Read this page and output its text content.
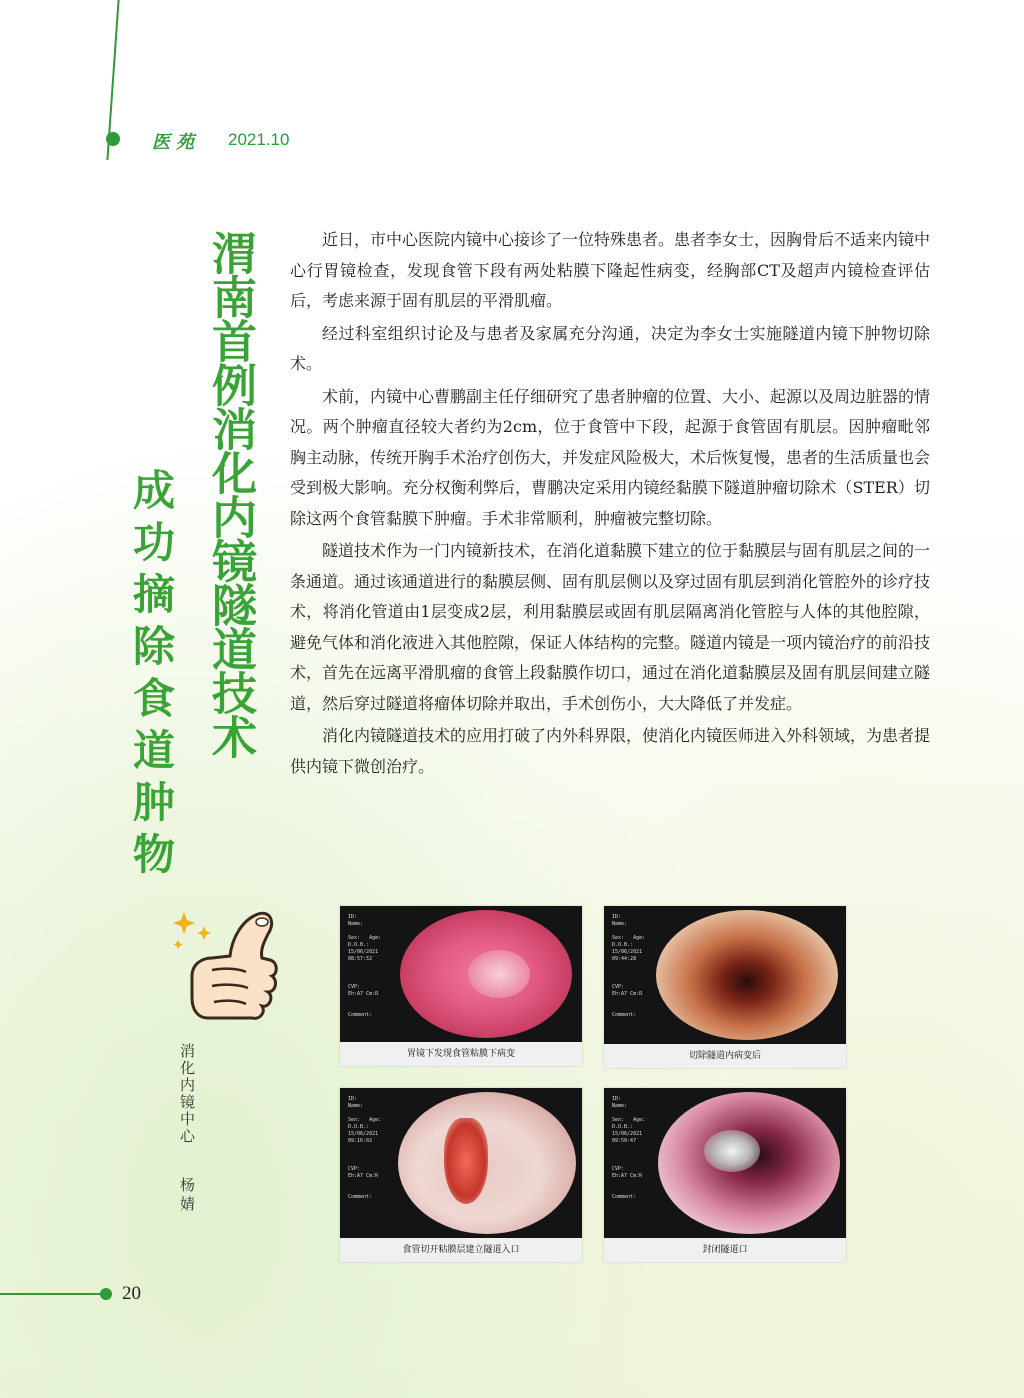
医苑 2021.10
渭南首例消化内镜隧道技术
成功摘除食道肿物

近日，市中心医院内镜中心接诊了一位特殊患者。患者李女士，因胸骨后不适来内镜中心行胃镜检查，发现食管下段有两处粘膜下隆起性病变，经胸部CT及超声内镜检查评估后，考虑来源于固有肌层的平滑肌瘤。

经过科室组织讨论及与患者及家属充分沟通，决定为李女士实施隧道内镜下肿物切除术。

术前，内镜中心曹鹏副主任仔细研究了患者肿瘤的位置、大小、起源以及周边脏器的情况。两个肿瘤直径较大者约为2cm，位于食管中下段，起源于食管固有肌层。因肿瘤毗邻胸主动脉，传统开胸手术治疗创伤大，并发症风险极大，术后恢复慢，患者的生活质量也会受到极大影响。充分权衡利弊后，曹鹏决定采用内镜经黏膜下隧道肿瘤切除术（STER）切除这两个食管黏膜下肿瘤。手术非常顺利，肿瘤被完整切除。

隧道技术作为一门内镜新技术，在消化道黏膜下建立的位于黏膜层与固有肌层之间的一条通道。通过该通道进行的黏膜层侧、固有肌层侧以及穿过固有肌层到消化管腔外的诊疗技术，将消化管道由1层变成2层，利用黏膜层或固有肌层隔离消化管腔与人体的其他腔隙，避免气体和消化液进入其他腔隙，保证人体结构的完整。隧道内镜是一项内镜治疗的前沿技术，首先在远离平滑肌瘤的食管上段黏膜作切口，通过在消化道黏膜层及固有肌层间建立隧道，然后穿过隧道将瘤体切除并取出，手术创伤小，大大降低了并发症。

消化内镜隧道技术的应用打破了内外科界限，使消化内镜医师进入外科领域，为患者提供内镜下微创治疗。

消化内镜中心
杨婧
ID:
Name:

Sex:   Age:
D.O.B.:
15/06/2021
08:57:52

CVP:
Eh:A7 Cm:R

Comment:
胃镜下发现食管粘膜下病变
ID:
Name:

Sex:   Age:
D.O.B.:
15/06/2021
09:44:28

CVP:
Eh:A7 Cm:R

Comment:
切除隧道内病变后
ID:
Name:

Sex:   Age:
D.O.B.:
15/06/2021
09:16:02

CVP:
Eh:A7 Cm:R

Comment:
食管切开粘膜层建立隧道入口
ID:
Name:

Sex:   Age:
D.O.B.:
15/06/2021
09:50:47

CVP:
Eh:A7 Cm:R

Comment:
封闭隧道口
20
